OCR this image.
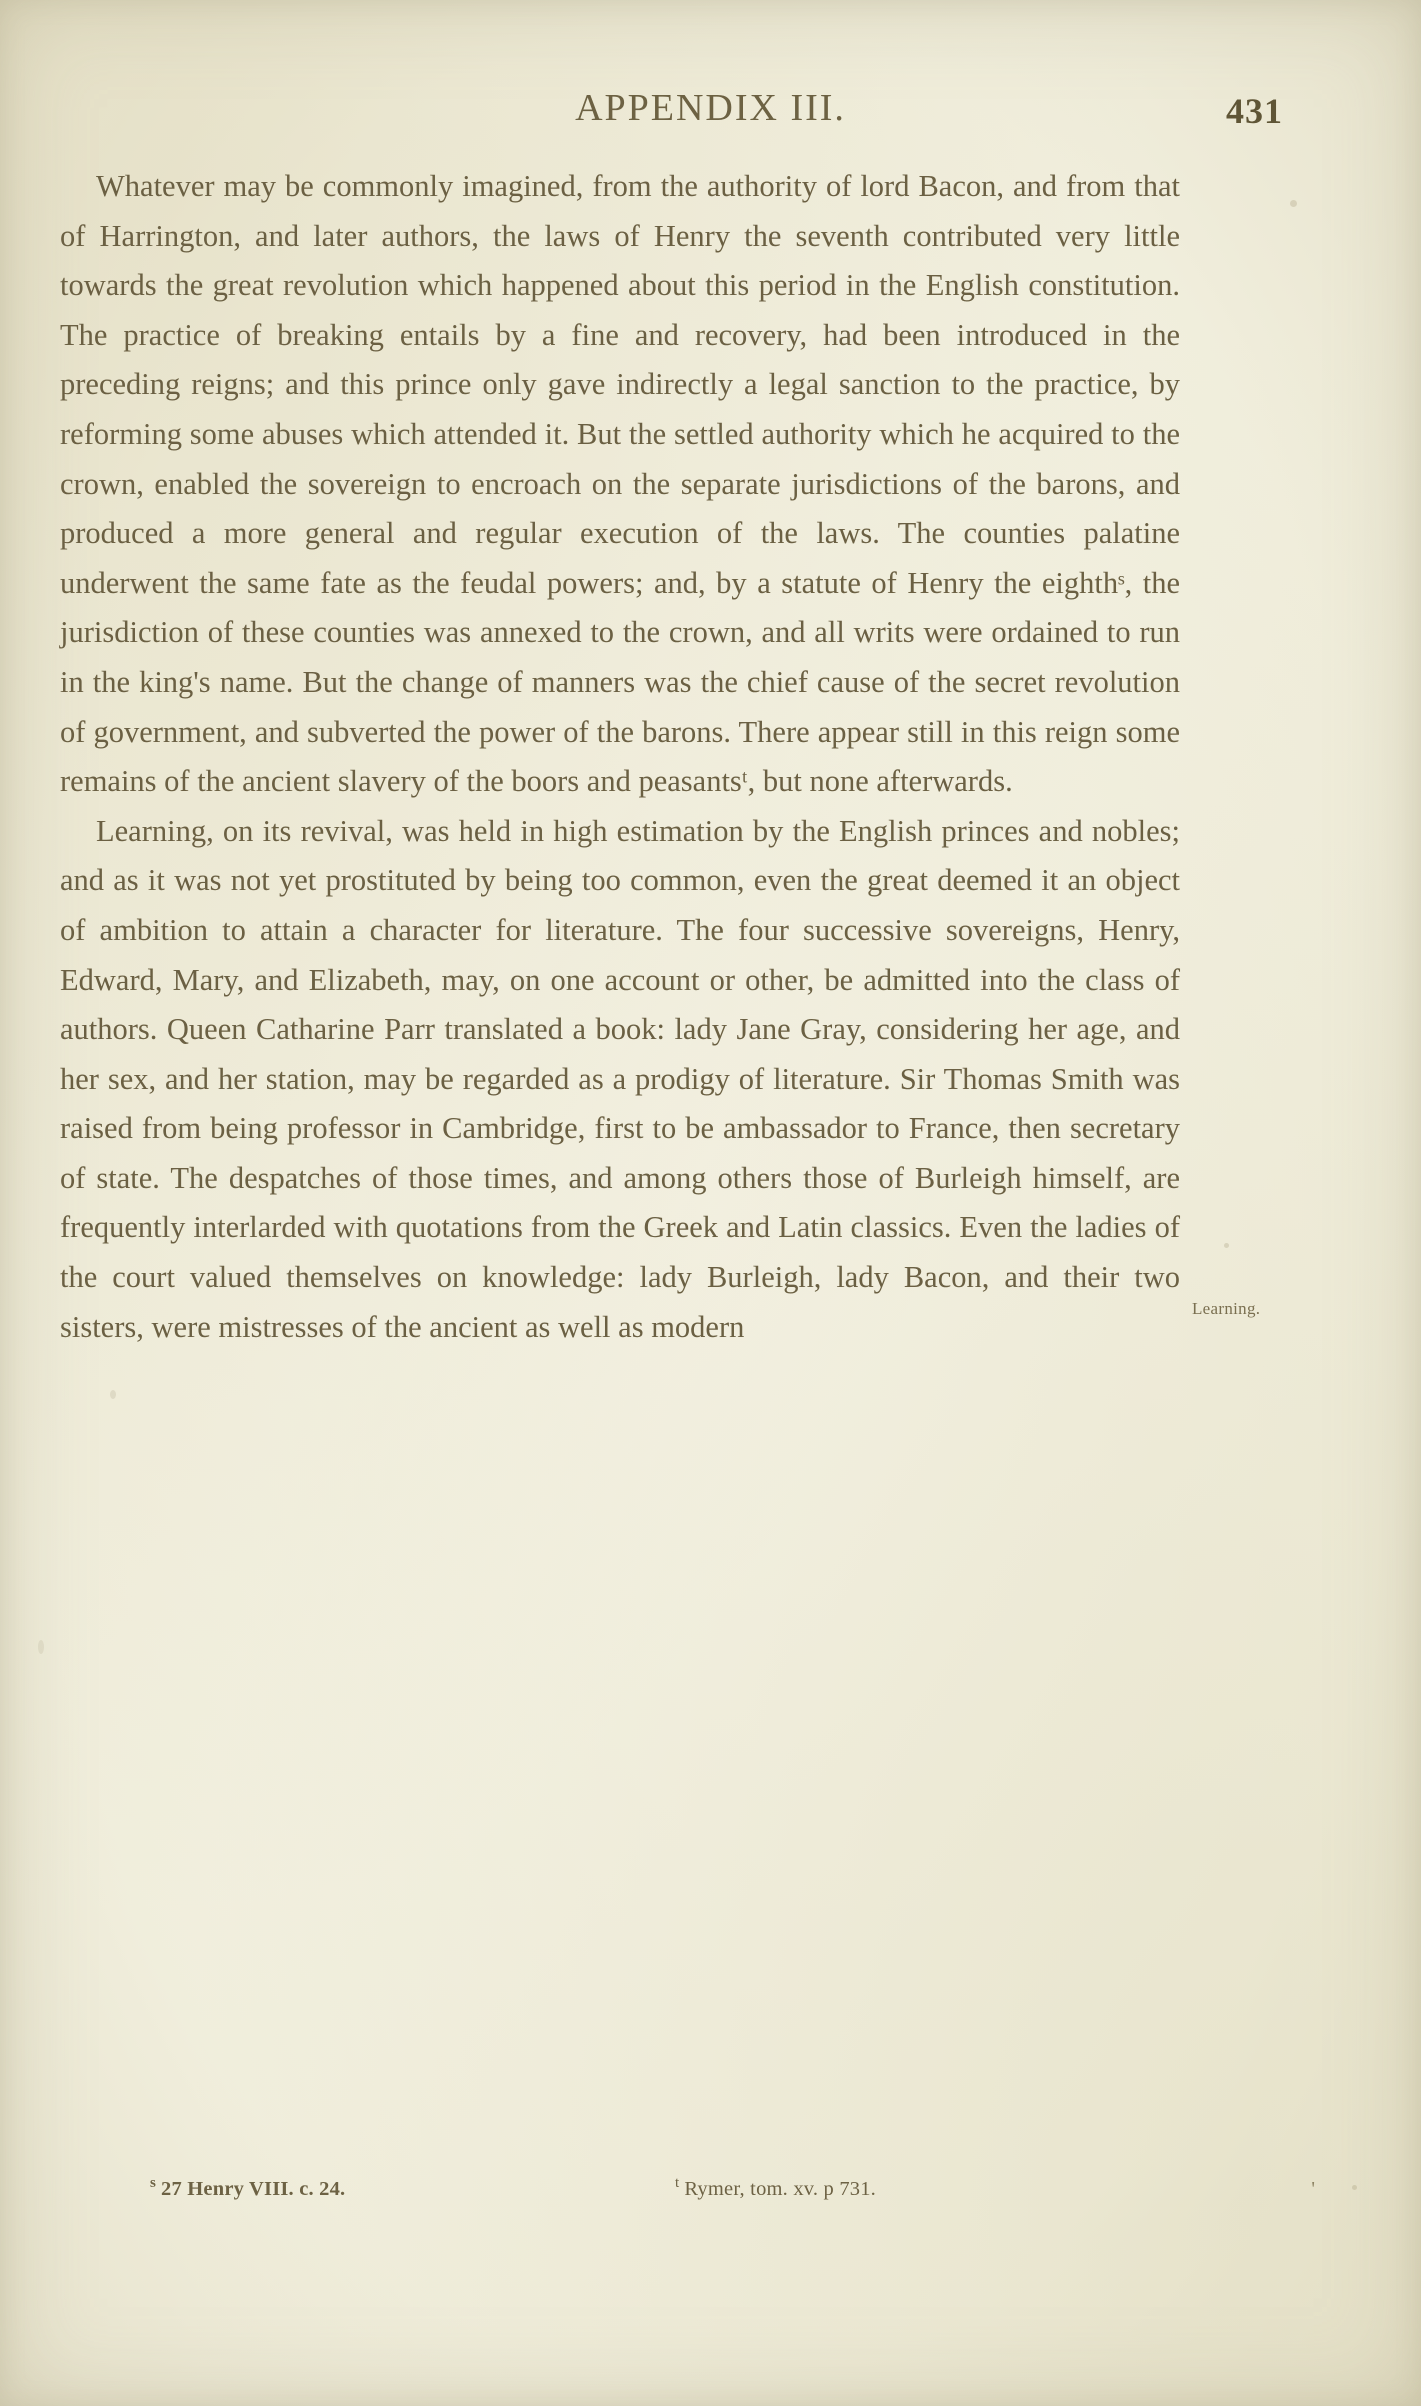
APPENDIX III.	431

Whatever may be commonly imagined, from the authority of lord Bacon, and from that of Harrington, and later authors, the laws of Henry the seventh contributed very little towards the great revolution which happened about this period in the English constitution. The practice of breaking entails by a fine and recovery, had been introduced in the preceding reigns; and this prince only gave indirectly a legal sanction to the practice, by reforming some abuses which attended it. But the settled authority which he acquired to the crown, enabled the sovereign to encroach on the separate jurisdictions of the barons, and produced a more general and regular execution of the laws. The counties palatine underwent the same fate as the feudal powers; and, by a statute of Henry the eighthˢ, the jurisdiction of these counties was annexed to the crown, and all writs were ordained to run in the king's name. But the change of manners was the chief cause of the secret revolution of government, and subverted the power of the barons. There appear still in this reign some remains of the ancient slavery of the boors and peasantsᵗ, but none afterwards.

Learning, on its revival, was held in high estimation by the English princes and nobles; and as it was not yet prostituted by being too common, even the great deemed it an object of ambition to attain a character for literature. The four successive sovereigns, Henry, Edward, Mary, and Elizabeth, may, on one account or other, be admitted into the class of authors. Queen Catharine Parr translated a book: lady Jane Gray, considering her age, and her sex, and her station, may be regarded as a prodigy of literature. Sir Thomas Smith was raised from being professor in Cambridge, first to be ambassador to France, then secretary of state. The despatches of those times, and among others those of Burleigh himself, are frequently interlarded with quotations from the Greek and Latin classics. Even the ladies of the court valued themselves on knowledge: lady Burleigh, lady Bacon, and their two sisters, were mistresses of the ancient as well as modern

Learning.
$^s$ 27 Henry VIII. c. 24.	$^t$ Rymer, tom. xv. p 731.	'
